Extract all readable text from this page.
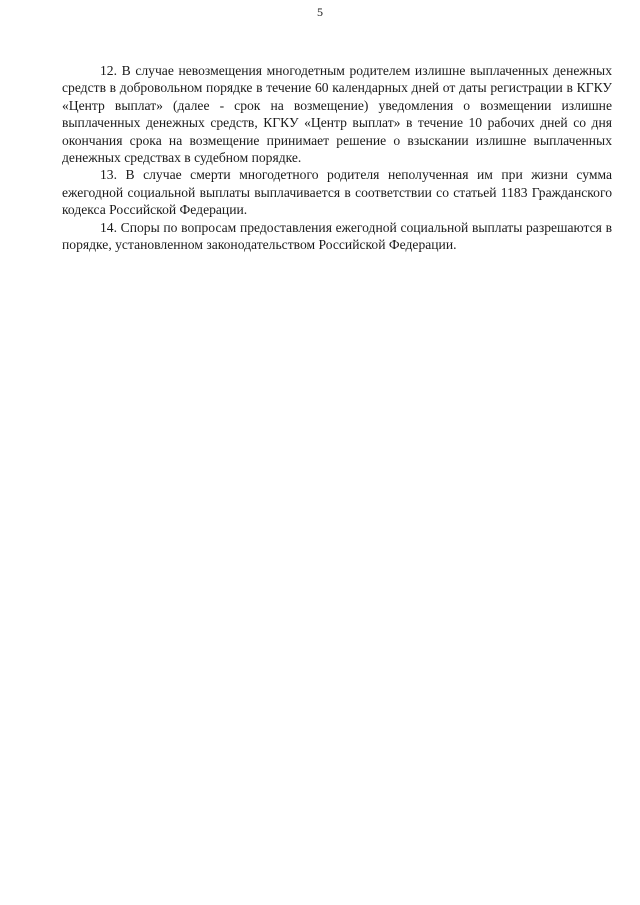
5

12. В случае невозмещения многодетным родителем излишне выплаченных денежных средств в добровольном порядке в течение 60 календарных дней от даты регистрации в КГКУ «Центр выплат» (далее - срок на возмещение) уведомления о возмещении излишне выплаченных денежных средств, КГКУ «Центр выплат» в течение 10 рабочих дней со дня окончания срока на возмещение принимает решение о взыскании излишне выплаченных денежных средствах в судебном порядке.

13. В случае смерти многодетного родителя неполученная им при жизни сумма ежегодной социальной выплаты выплачивается в соответствии со статьей 1183 Гражданского кодекса Российской Федерации.

14. Споры по вопросам предоставления ежегодной социальной выплаты разрешаются в порядке, установленном законодательством Российской Федерации.
